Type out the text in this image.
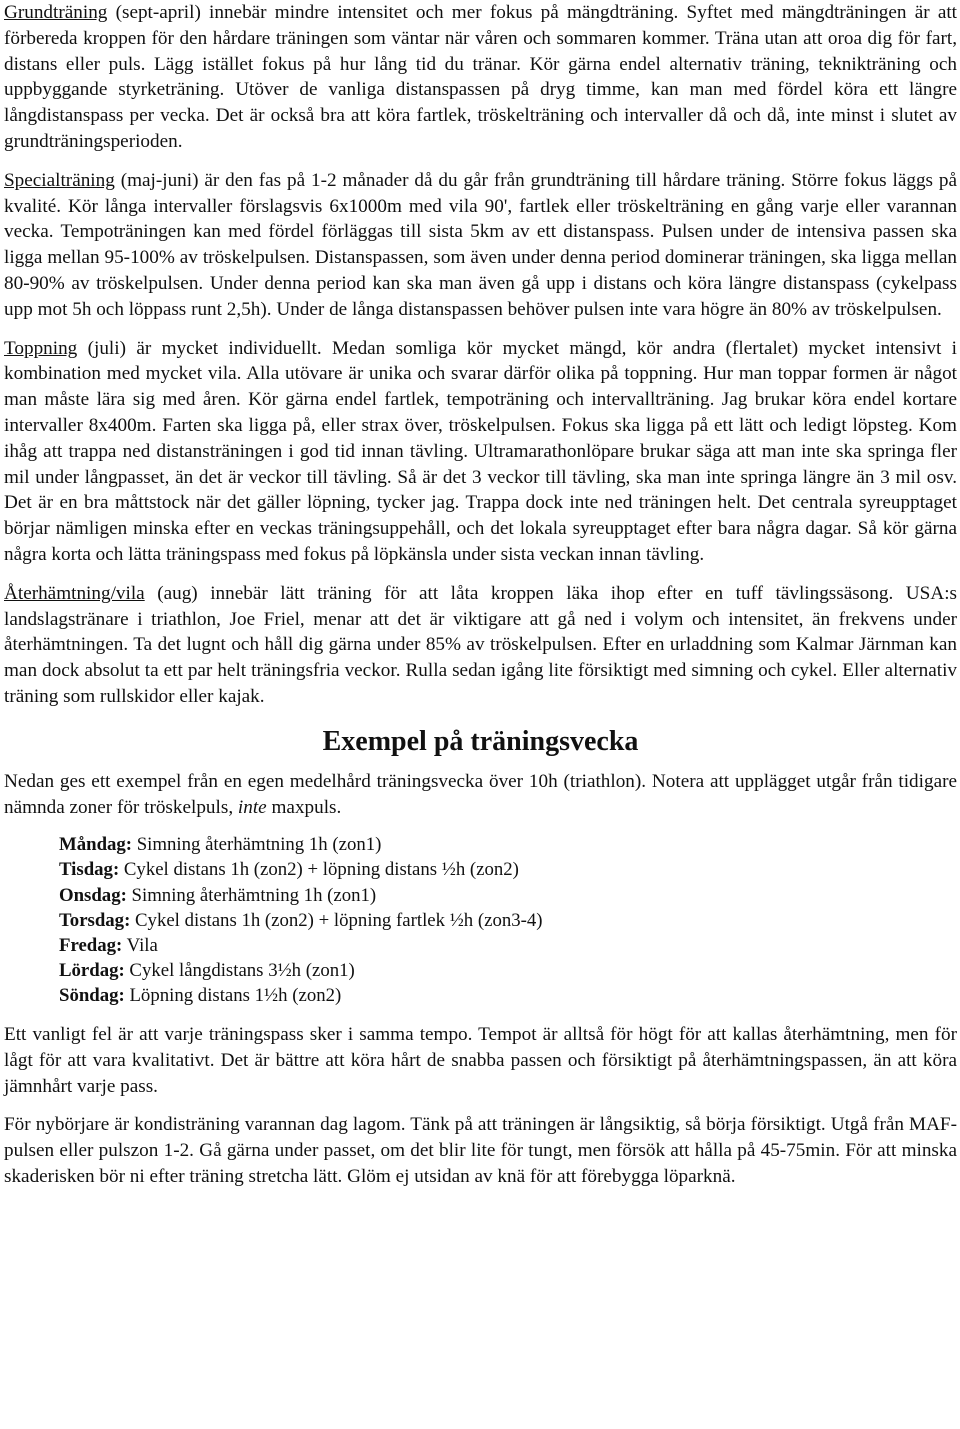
Grundträning (sept-april) innebär mindre intensitet och mer fokus på mängdträning. Syftet med mängdträningen är att förbereda kroppen för den hårdare träningen som väntar när våren och sommaren kommer. Träna utan att oroa dig för fart, distans eller puls. Lägg istället fokus på hur lång tid du tränar. Kör gärna endel alternativ träning, teknikträning och uppbyggande styrketräning. Utöver de vanliga distanspassen på dryg timme, kan man med fördel köra ett längre långdistanspass per vecka. Det är också bra att köra fartlek, tröskelträning och intervaller då och då, inte minst i slutet av grundträningsperioden.

Specialträning (maj-juni) är den fas på 1-2 månader då du går från grundträning till hårdare träning. Större fokus läggs på kvalité. Kör långa intervaller förslagsvis 6x1000m med vila 90', fartlek eller tröskelträning en gång varje eller varannan vecka. Tempoträningen kan med fördel förläggas till sista 5km av ett distanspass. Pulsen under de intensiva passen ska ligga mellan 95-100% av tröskelpulsen. Distanspassen, som även under denna period dominerar träningen, ska ligga mellan 80-90% av tröskelpulsen. Under denna period kan ska man även gå upp i distans och köra längre distanspass (cykelpass upp mot 5h och löppass runt 2,5h). Under de långa distanspassen behöver pulsen inte vara högre än 80% av tröskelpulsen.

Toppning (juli) är mycket individuellt. Medan somliga kör mycket mängd, kör andra (flertalet) mycket intensivt i kombination med mycket vila. Alla utövare är unika och svarar därför olika på toppning. Hur man toppar formen är något man måste lära sig med åren. Kör gärna endel fartlek, tempoträning och intervallträning. Jag brukar köra endel kortare intervaller 8x400m. Farten ska ligga på, eller strax över, tröskelpulsen. Fokus ska ligga på ett lätt och ledigt löpsteg. Kom ihåg att trappa ned distansträningen i god tid innan tävling. Ultramarathonlöpare brukar säga att man inte ska springa fler mil under långpasset, än det är veckor till tävling. Så är det 3 veckor till tävling, ska man inte springa längre än 3 mil osv. Det är en bra måttstock när det gäller löpning, tycker jag. Trappa dock inte ned träningen helt. Det centrala syreupptaget börjar nämligen minska efter en veckas träningsuppehåll, och det lokala syreupptaget efter bara några dagar. Så kör gärna några korta och lätta träningspass med fokus på löpkänsla under sista veckan innan tävling.

Återhämtning/vila (aug) innebär lätt träning för att låta kroppen läka ihop efter en tuff tävlingssäsong. USA:s landslagstränare i triathlon, Joe Friel, menar att det är viktigare att gå ned i volym och intensitet, än frekvens under återhämtningen. Ta det lugnt och håll dig gärna under 85% av tröskelpulsen. Efter en urladdning som Kalmar Järnman kan man dock absolut ta ett par helt träningsfria veckor. Rulla sedan igång lite försiktigt med simning och cykel. Eller alternativ träning som rullskidor eller kajak.

Exempel på träningsvecka

Nedan ges ett exempel från en egen medelhård träningsvecka över 10h (triathlon). Notera att upplägget utgår från tidigare nämnda zoner för tröskelpuls, inte maxpuls.

Måndag: Simning återhämtning 1h (zon1)
Tisdag: Cykel distans 1h (zon2) + löpning distans ½h (zon2)
Onsdag: Simning återhämtning 1h (zon1)
Torsdag: Cykel distans 1h (zon2) + löpning fartlek ½h (zon3-4)
Fredag: Vila
Lördag: Cykel långdistans 3½h (zon1)
Söndag: Löpning distans 1½h (zon2)

Ett vanligt fel är att varje träningspass sker i samma tempo. Tempot är alltså för högt för att kallas återhämtning, men för lågt för att vara kvalitativt. Det är bättre att köra hårt de snabba passen och försiktigt på återhämtningspassen, än att köra jämnhårt varje pass.

För nybörjare är kondisträning varannan dag lagom. Tänk på att träningen är långsiktig, så börja försiktigt. Utgå från MAF-pulsen eller pulszon 1-2. Gå gärna under passet, om det blir lite för tungt, men försök att hålla på 45-75min. För att minska skaderisken bör ni efter träning stretcha lätt. Glöm ej utsidan av knä för att förebygga löparknä.
